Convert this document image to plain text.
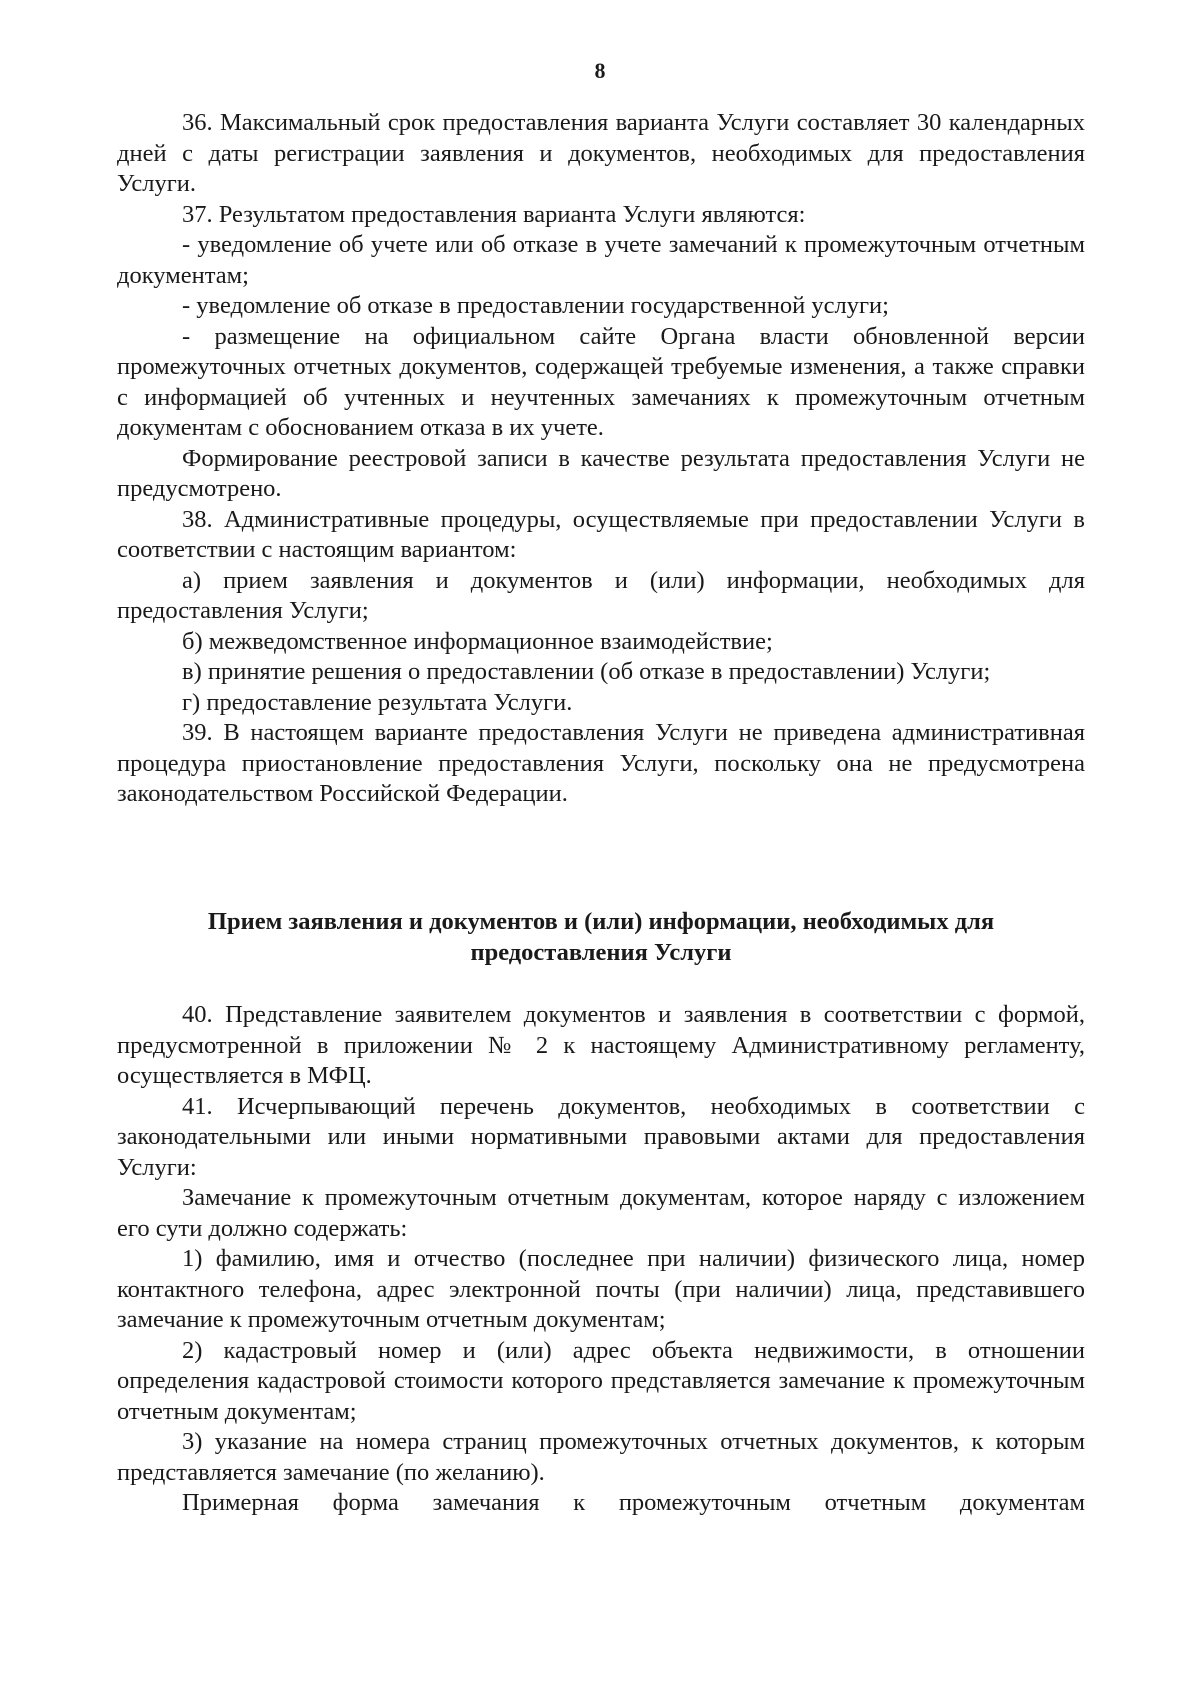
8

36. Максимальный срок предоставления варианта Услуги составляет 30 календарных дней с даты регистрации заявления и документов, необходимых для предоставления Услуги.

37. Результатом предоставления варианта Услуги являются:

- уведомление об учете или об отказе в учете замечаний к промежуточным отчетным документам;

- уведомление об отказе в предоставлении государственной услуги;

- размещение на официальном сайте Органа власти обновленной версии промежуточных отчетных документов, содержащей требуемые изменения, а также справки с информацией об учтенных и неучтенных замечаниях к промежуточным отчетным документам с обоснованием отказа в их учете.

Формирование реестровой записи в качестве результата предоставления Услуги не предусмотрено.

38. Административные процедуры, осуществляемые при предоставлении Услуги в соответствии с настоящим вариантом:

а) прием заявления и документов и (или) информации, необходимых для предоставления Услуги;

б) межведомственное информационное взаимодействие;

в) принятие решения о предоставлении (об отказе в предоставлении) Услуги;

г) предоставление результата Услуги.

39. В настоящем варианте предоставления Услуги не приведена административная процедура приостановление предоставления Услуги, поскольку она не предусмотрена законодательством Российской Федерации.

Прием заявления и документов и (или) информации, необходимых для предоставления Услуги

40. Представление заявителем документов и заявления в соответствии с формой, предусмотренной в приложении № 2 к настоящему Административному регламенту, осуществляется в МФЦ.

41. Исчерпывающий перечень документов, необходимых в соответствии с законодательными или иными нормативными правовыми актами для предоставления Услуги:

Замечание к промежуточным отчетным документам, которое наряду с изложением его сути должно содержать:

1) фамилию, имя и отчество (последнее при наличии) физического лица, номер контактного телефона, адрес электронной почты (при наличии) лица, представившего замечание к промежуточным отчетным документам;

2) кадастровый номер и (или) адрес объекта недвижимости, в отношении определения кадастровой стоимости которого представляется замечание к промежуточным отчетным документам;

3) указание на номера страниц промежуточных отчетных документов, к которым представляется замечание (по желанию).

Примерная форма замечания к промежуточным отчетным документам
